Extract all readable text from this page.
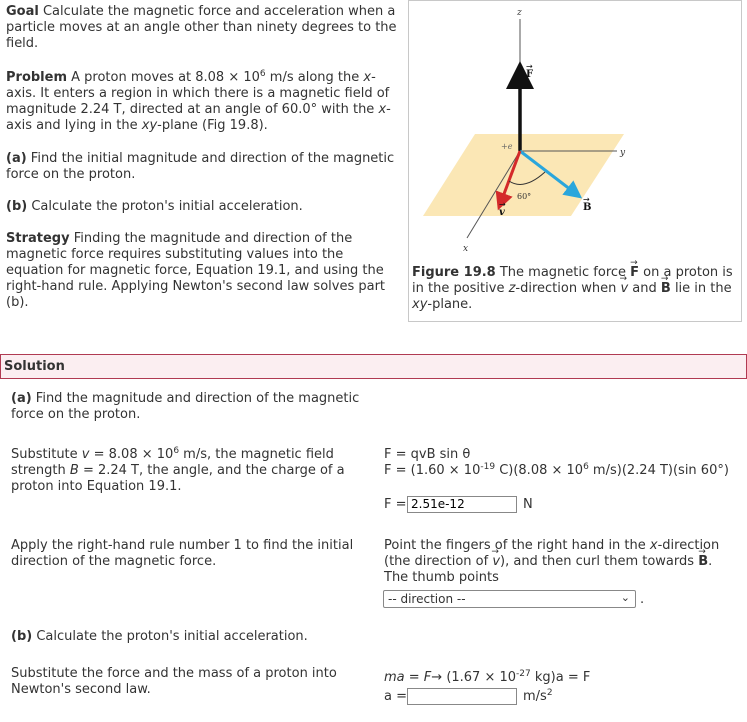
Goal Calculate the magnetic force and acceleration when a particle moves at an angle other than ninety degrees to the field.
Problem A proton moves at $8.08 \times 10^6$ m/s along the x-axis. It enters a region in which there is a magnetic field of magnitude 2.24 T, directed at an angle of 60.0° with the x-axis and lying in the xy-plane (Fig 19.8).
(a) Find the initial magnitude and direction of the magnetic force on the proton.
(b) Calculate the proton's initial acceleration.
Strategy Finding the magnitude and direction of the magnetic force requires substituting values into the equation for magnetic force, Equation 19.1, and using the right-hand rule. Applying Newton's second law solves part (b).
z
y
x
F
→
B
→
v
→
+e
60°
Figure 19.8 The magnetic force → F on a proton is in the positive z-direction when → v and → B lie in the xy-plane.
Solution
(a) Find the magnitude and direction of the magnetic force on the proton.
Substitute $v = 8.08 \times 10^6$ m/s, the magnetic field strength B = 2.24 T, the angle, and the charge of a proton into Equation 19.1.
F = qvB sin θ
$F = (1.60 \times 10^{-19}$ $C)(8.08 \times 10^6$ m/s)(2.24 T)(sin 60°)
F =
2.51e-12	N
Apply the right-hand rule number 1 to find the initial direction of the magnetic force.
Point the fingers of the right hand in the x-direction (the direction of → v), and then curl them towards → B. The thumb points
-- direction --	⌄ .
(b) Calculate the proton's initial acceleration.
Substitute the force and the mass of a proton into Newton's second law.
ma = $F\to (1.67 \times 10^{-27}$ kg)a = F
a =	$m/s^2$
